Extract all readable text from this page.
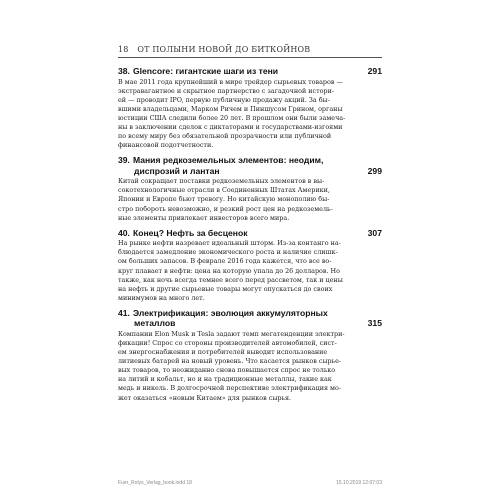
18 ОТ ПОЛЫНИ НОВОЙ ДО БИТКОЙНОВ
38. Glencore: гигантские шаги из тени	291
В мае 2011 года крупнейший в мире трейдер сырьевых товаров —
экстравагантное и скрытное партнерство с загадочной истори-
ей — проводит IPO, первую публичную продажу акций. За бы-
вшими владельцами, Марком Ричем и Пиншусом Грином, органы
юстиции США следили более 20 лет. В прошлом они были замеча-
ны в заключении сделок с диктаторами и государствами-изгоями
по всему миру без обязательной прозрачности или публичной
финансовой подотчетности.
39. Мания редкоземельных элементов: неодим,
диспрозий и лантан	299
Китай сокращает поставки редкоземельных элементов в вы-
сокотехнологичные отрасли в Соединенных Штатах Америки,
Японии и Европе бьют тревогу. Но китайскую монополию бы-
стро побороть невозможно, и резкий рост цен на редкоземель-
ные элементы привлекает инвесторов всего мира.
40. Конец? Нефть за бесценок	307
На рынке нефти назревает идеальный шторм. Из-за контанго на-
блюдается замедление экономического роста и наличие слишк-
ом больших запасов. В феврале 2016 года кажется, что все во-
круг плавает в нефти: цена на которую упала до 26 долларов. Но
также, как ночь всегда темнее всего перед рассветом, так и цены
на нефть и другие сырьевые товары могут опускаться до своих
минимумов на много лет.
41. Электрификация: эволюция аккумуляторных
металлов	315
Компании Elon Musk и Tesla задают темп мегатенденции электри-
фикации! Спрос со стороны производителей автомобилей, сист-
ем энергоснабжения и потребителей выводит использование
литиевых батарей на новый уровень. Что касается рынков сырье-
вых товаров, то неожиданно снова повышается спрос не только
на литий и кобальт, но и на традиционные металлы, такие как
медь и никель. В долгосрочной перспективе электрификация мо-
жет оказаться «новым Китаем» для рынков сырья.
Fuer_Rolys_Verlag_book.indd 18	15.10.2019 12:07:03
